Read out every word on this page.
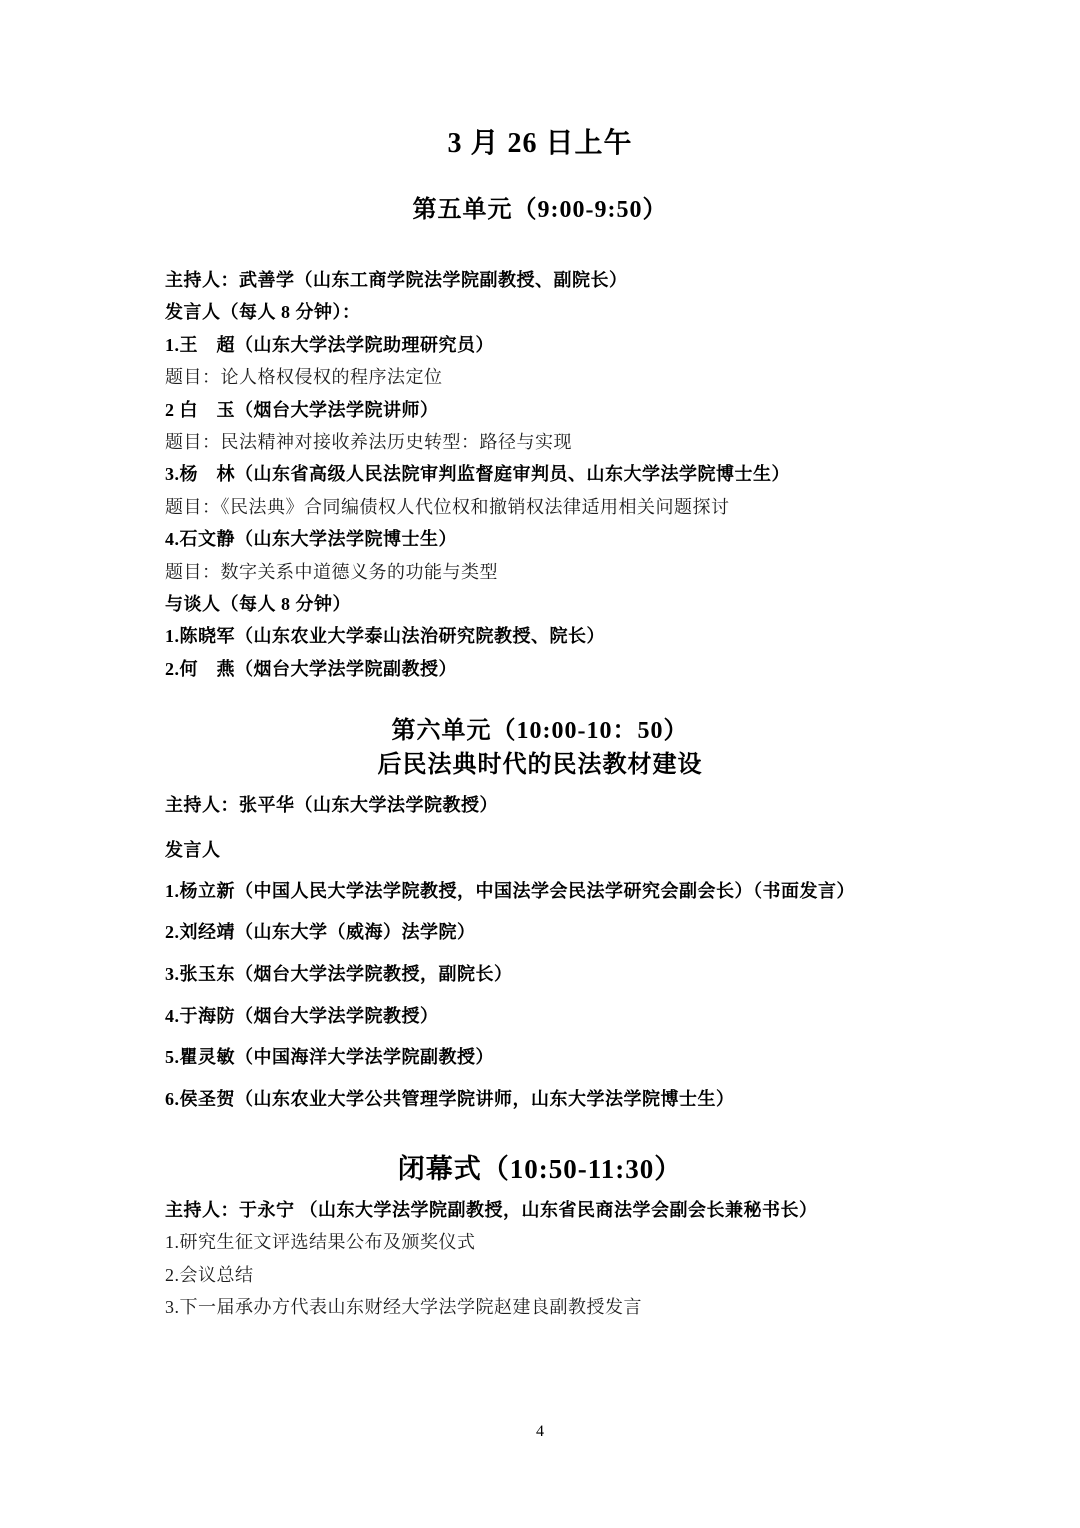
3 月 26 日上午
第五单元（9:00-9:50）
主持人：武善学（山东工商学院法学院副教授、副院长）
发言人（每人 8 分钟）：
1.王　超（山东大学法学院助理研究员）
题目：论人格权侵权的程序法定位
2 白　玉（烟台大学法学院讲师）
题目：民法精神对接收养法历史转型：路径与实现
3.杨　林（山东省高级人民法院审判监督庭审判员、山东大学法学院博士生）
题目：《民法典》合同编债权人代位权和撤销权法律适用相关问题探讨
4.石文静（山东大学法学院博士生）
题目：数字关系中道德义务的功能与类型
与谈人（每人 8 分钟）
1.陈晓军（山东农业大学泰山法治研究院教授、院长）
2.何　燕（烟台大学法学院副教授）
第六单元（10:00-10：50）
后民法典时代的民法教材建设
主持人：张平华（山东大学法学院教授）
发言人
1.杨立新（中国人民大学法学院教授，中国法学会民法学研究会副会长）（书面发言）
2.刘经靖（山东大学（威海）法学院）
3.张玉东（烟台大学法学院教授，副院长）
4.于海防（烟台大学法学院教授）
5.瞿灵敏（中国海洋大学法学院副教授）
6.侯圣贺（山东农业大学公共管理学院讲师，山东大学法学院博士生）
闭幕式（10:50-11:30）
主持人：于永宁 （山东大学法学院副教授，山东省民商法学会副会长兼秘书长）
1.研究生征文评选结果公布及颁奖仪式
2.会议总结
3.下一届承办方代表山东财经大学法学院赵建良副教授发言
4
